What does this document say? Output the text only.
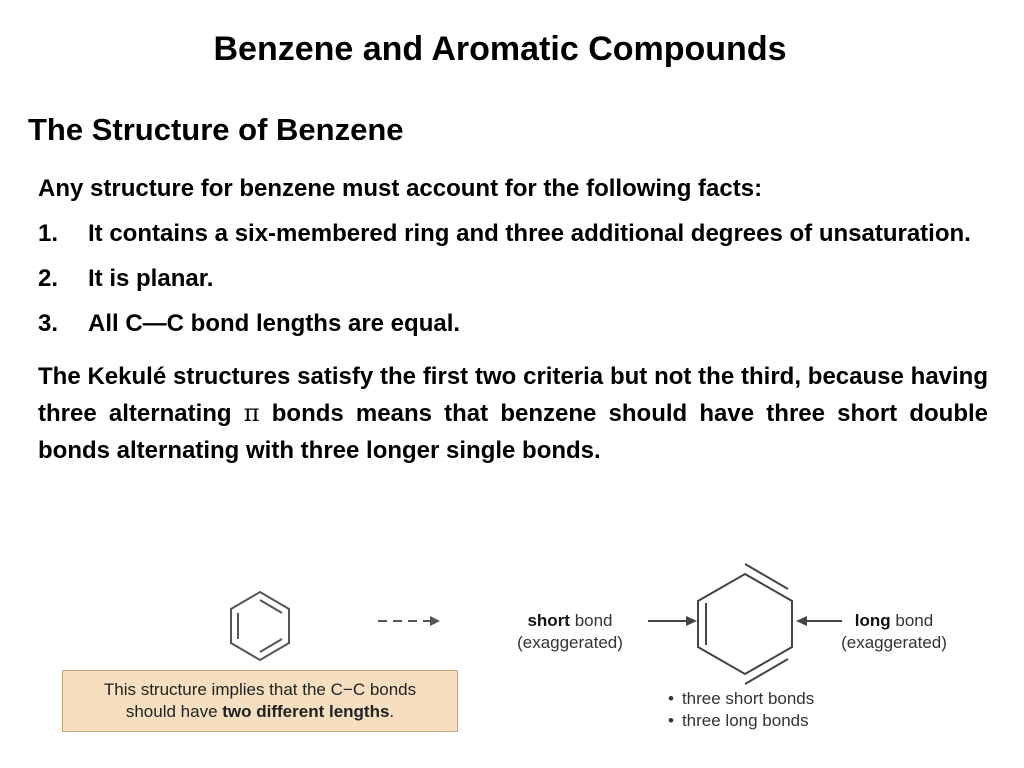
Benzene and Aromatic Compounds
The Structure of Benzene

Any structure for benzene must account for the following facts:

1. It contains a six-membered ring and three additional degrees of unsaturation.
2. It is planar.
3. All C—C bond lengths are equal.

The Kekulé structures satisfy the first two criteria but not the third, because having three alternating π bonds means that benzene should have three short double bonds alternating with three longer single bonds.

short bond
(exaggerated)
long bond
(exaggerated)
This structure implies that the C−C bonds
should have two different lengths.
• three short bonds
• three long bonds
